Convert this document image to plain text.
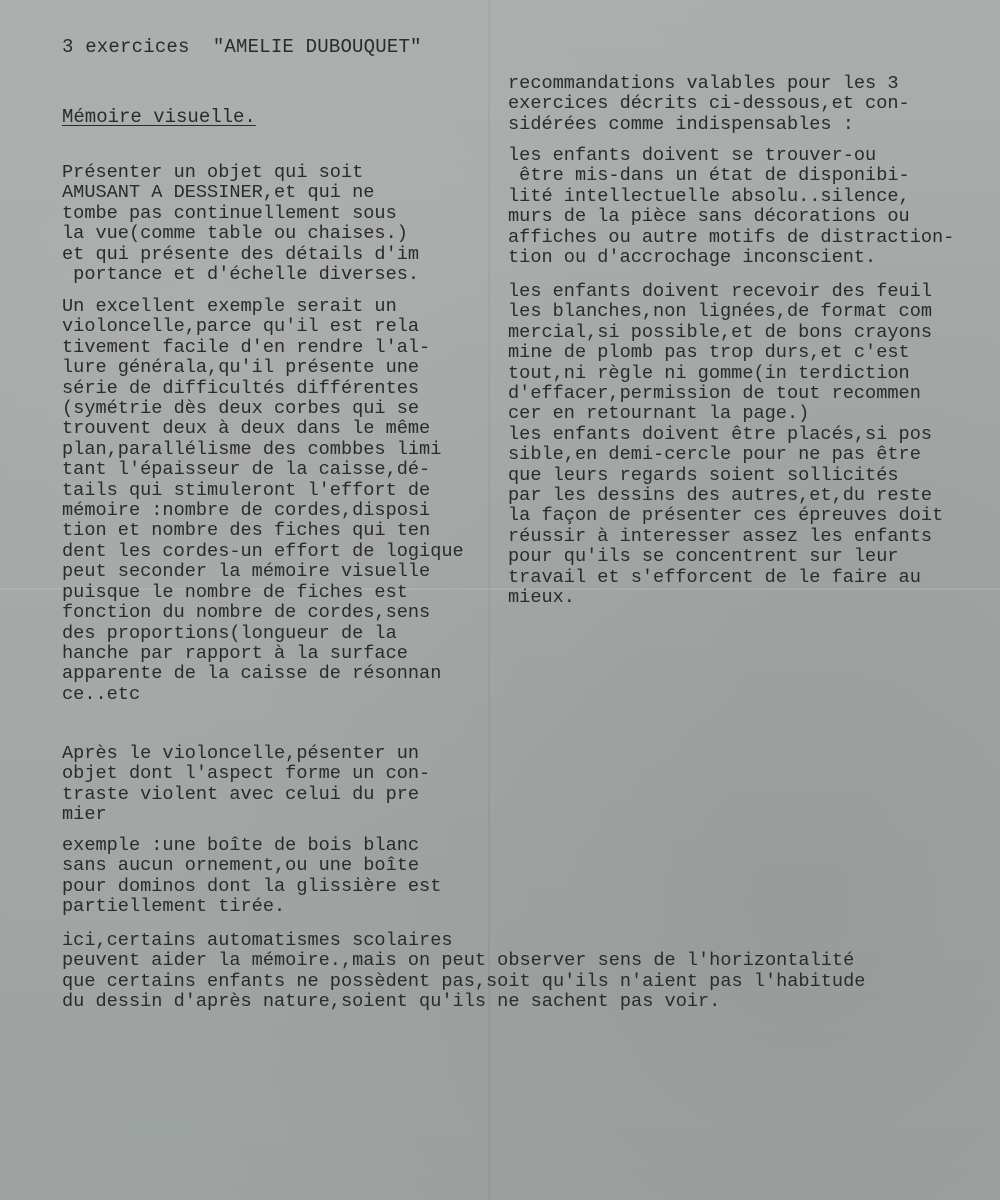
3 exercices  "AMELIE DUBOUQUET"
Mémoire visuelle.
Présenter un objet qui soit
AMUSANT A DESSINER,et qui ne
tombe pas continuellement sous
la vue(comme table ou chaises.)
et qui présente des détails d'im
portance et d'échelle diverses.
Un excellent exemple serait un
violoncelle,parce qu'il est rela
tivement facile d'en rendre l'al-
lure générala,qu'il présente une
série de difficultés différentes
(symétrie dès deux corbes qui se
trouvent deux à deux dans le même
plan,parallélisme des combbes limi
tant l'épaisseur de la caisse,dé-
tails qui stimuleront l'effort de
mémoire :nombre de cordes,disposi
tion et nombre des fiches qui ten
dent les cordes-un effort de logique
peut seconder la mémoire visuelle
puisque le nombre de fiches est
fonction du nombre de cordes,sens
des proportions(longueur de la
hanche par rapport à la surface
apparente de la caisse de résonnan
ce..etc
Après le violoncelle,pésenter un
objet dont l'aspect forme un con-
traste violent avec celui du pre
mier
exemple :une boîte de bois blanc
sans aucun ornement,ou une boîte
pour dominos dont la glissière est
partiellement tirée.
recommandations valables pour les 3
exercices décrits ci-dessous,et con-
sidérées comme indispensables :
les enfants doivent se trouver-ou
être mis-dans un état de disponibi-
lité intellectuelle absolu..silence,
murs de la pièce sans décorations ou
affiches ou autre motifs de distraction-
tion ou d'accrochage inconscient.
les enfants doivent recevoir des feuil
les blanches,non lignées,de format com
mercial,si possible,et de bons crayons
mine de plomb pas trop durs,et c'est
tout,ni règle ni gomme(in terdiction
d'effacer,permission de tout recommen
cer en retournant la page.)
les enfants doivent être placés,si pos
sible,en demi-cercle pour ne pas être
que leurs regards soient sollicités
par les dessins des autres,et,du reste
la façon de présenter ces épreuves doit
réussir à interesser assez les enfants
pour qu'ils se concentrent sur leur
travail et s'efforcent de le faire au
mieux.
ici,certains automatismes scolaires
peuvent aider la mémoire.,mais on peut observer sens de l'horizontalité
que certains enfants ne possèdent pas,soit qu'ils n'aient pas l'habitude
du dessin d'après nature,soient qu'ils ne sachent pas voir.
